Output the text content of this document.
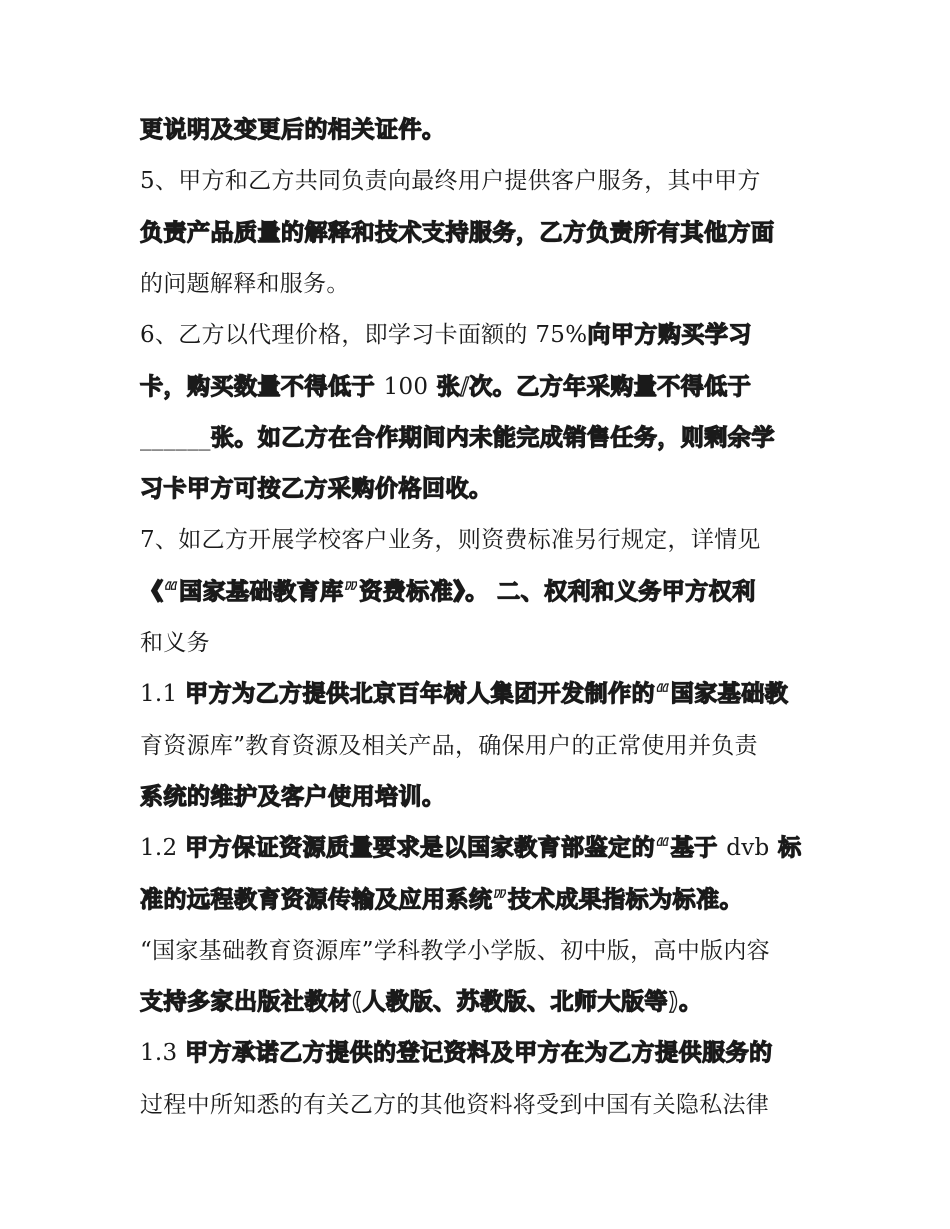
更说明及变更后的相关证件。
5、甲方和乙方共同负责向最终用户提供客户服务，其中甲方
负责产品质量的解释和技术支持服务，乙方负责所有其他方面
的问题解释和服务。
6、乙方以代理价格，即学习卡面额的 75%向甲方购买学习
卡，购买数量不得低于 100 张/次。乙方年采购量不得低于
______张。如乙方在合作期间内未能完成销售任务，则剩余学
习卡甲方可按乙方采购价格回收。
7、如乙方开展学校客户业务，则资费标准另行规定，详情见
《“国家基础教育库”资费标准》。 二、权利和义务甲方权利
和义务
1.1 甲方为乙方提供北京百年树人集团开发制作的“国家基础教
育资源库”教育资源及相关产品，确保用户的正常使用并负责
系统的维护及客户使用培训。
1.2 甲方保证资源质量要求是以国家教育部鉴定的“基于 dvb 标
准的远程教育资源传输及应用系统”技术成果指标为标准。
“国家基础教育资源库”学科教学小学版、初中版，高中版内容
支持多家出版社教材(人教版、苏教版、北师大版等)。
1.3 甲方承诺乙方提供的登记资料及甲方在为乙方提供服务的
过程中所知悉的有关乙方的其他资料将受到中国有关隐私法律
